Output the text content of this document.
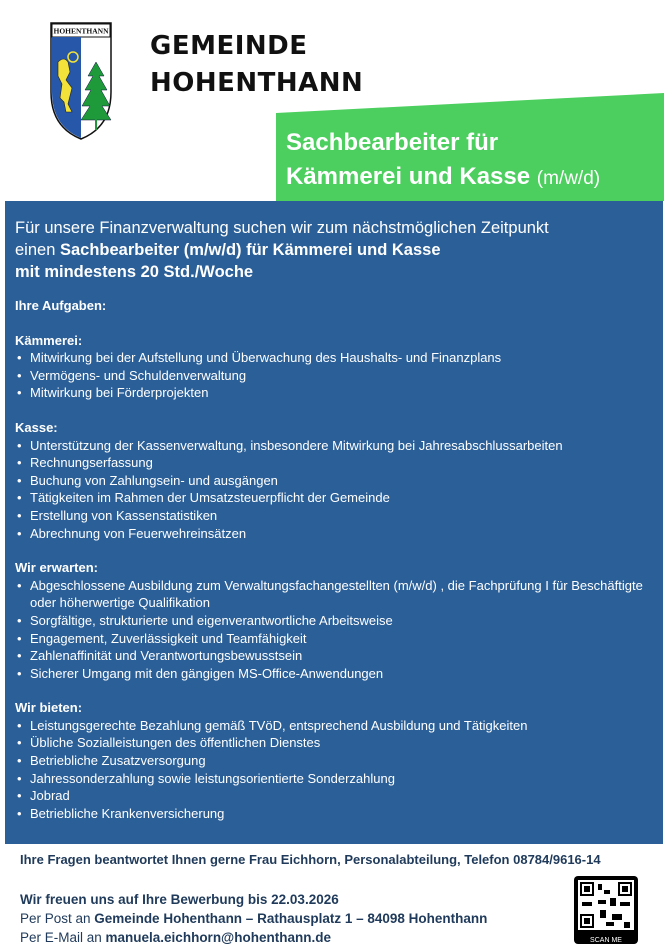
HOHENTHANN GEMEINDE
HOHENTHANN
Sachbearbeiter für
Kämmerei und Kasse (m/w/d)
Für unsere Finanzverwaltung suchen wir zum nächstmöglichen Zeitpunkt
einen Sachbearbeiter (m/w/d) für Kämmerei und Kasse
mit mindestens 20 Std./Woche
Ihre Aufgaben:
Kämmerei:
• Mitwirkung bei der Aufstellung und Überwachung des Haushalts- und Finanzplans
• Vermögens- und Schuldenverwaltung
• Mitwirkung bei Förderprojekten
Kasse:
• Unterstützung der Kassenverwaltung, insbesondere Mitwirkung bei Jahresabschlussarbeiten
• Rechnungserfassung
• Buchung von Zahlungsein- und ausgängen
• Tätigkeiten im Rahmen der Umsatzsteuerpflicht der Gemeinde
• Erstellung von Kassenstatistiken
• Abrechnung von Feuerwehreinsätzen
Wir erwarten:
• Abgeschlossene Ausbildung zum Verwaltungsfachangestellten (m/w/d) , die Fachprüfung I für Beschäftigte oder höherwertige Qualifikation
• Sorgfältige, strukturierte und eigenverantwortliche Arbeitsweise
• Engagement, Zuverlässigkeit und Teamfähigkeit
• Zahlenaffinität und Verantwortungsbewusstsein
• Sicherer Umgang mit den gängigen MS-Office-Anwendungen
Wir bieten:
• Leistungsgerechte Bezahlung gemäß TVöD, entsprechend Ausbildung und Tätigkeiten
• Übliche Sozialleistungen des öffentlichen Dienstes
• Betriebliche Zusatzversorgung
• Jahressonderzahlung sowie leistungsorientierte Sonderzahlung
• Jobrad
• Betriebliche Krankenversicherung
Ihre Fragen beantwortet Ihnen gerne Frau Eichhorn, Personalabteilung, Telefon 08784/9616-14
Wir freuen uns auf Ihre Bewerbung bis 22.03.2026
Per Post an Gemeinde Hohenthann – Rathausplatz 1 – 84098 Hohenthann
Per E-Mail an manuela.eichhorn@hohenthann.de	SCAN ME
